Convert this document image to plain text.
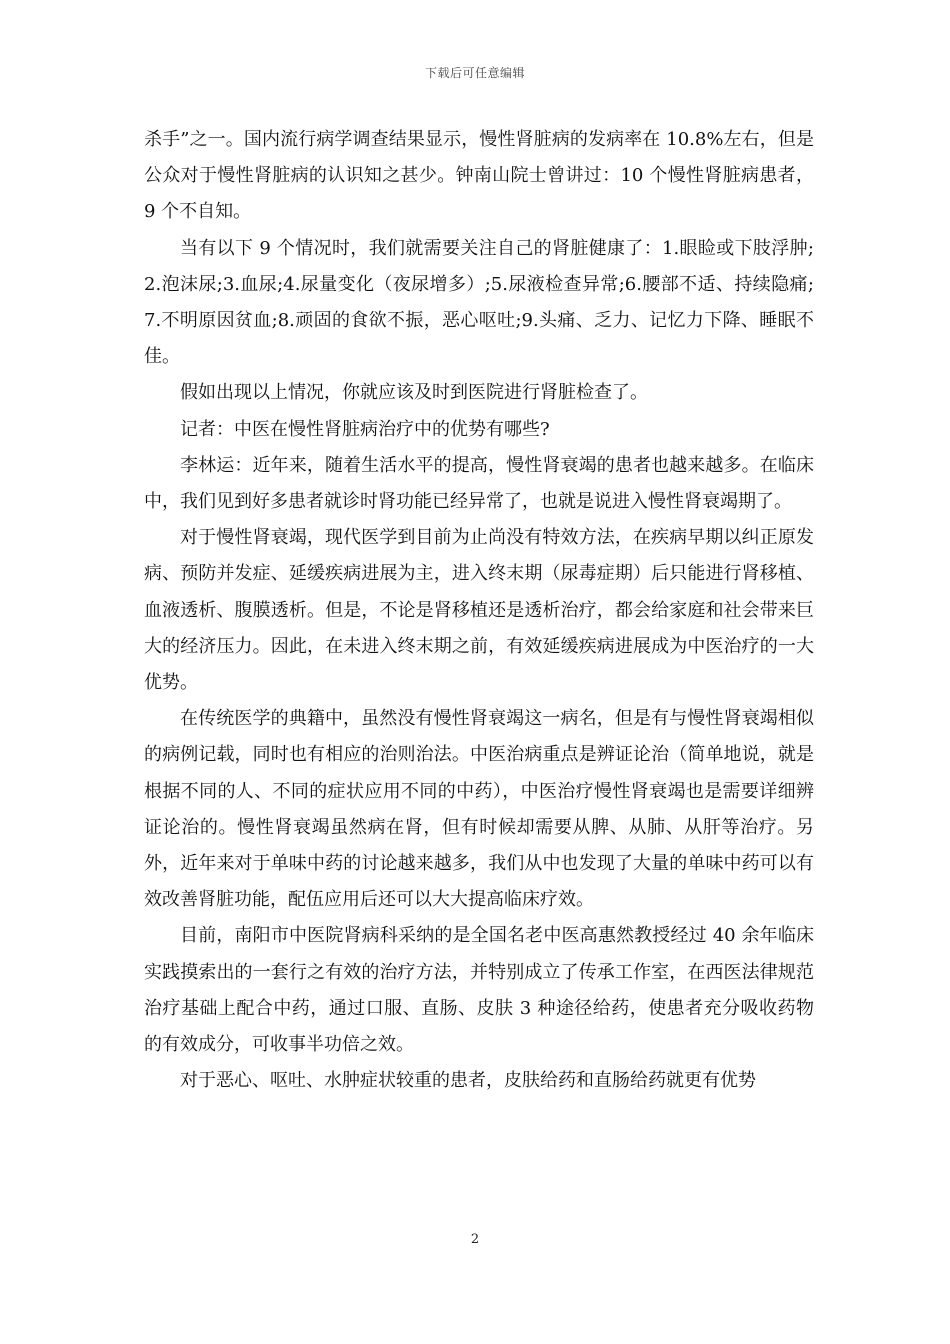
下载后可任意编辑

杀手”之一。国内流行病学调查结果显示，慢性肾脏病的发病率在 10.8%左右，但是公众对于慢性肾脏病的认识知之甚少。钟南山院士曾讲过：10 个慢性肾脏病患者，9 个不自知。

当有以下 9 个情况时，我们就需要关注自己的肾脏健康了：1.眼睑或下肢浮肿;2.泡沫尿;3.血尿;4.尿量变化（夜尿增多）;5.尿液检查异常;6.腰部不适、持续隐痛;7.不明原因贫血;8.顽固的食欲不振，恶心呕吐;9.头痛、乏力、记忆力下降、睡眠不佳。

假如出现以上情况，你就应该及时到医院进行肾脏检查了。

记者：中医在慢性肾脏病治疗中的优势有哪些?

李林运：近年来，随着生活水平的提高，慢性肾衰竭的患者也越来越多。在临床中，我们见到好多患者就诊时肾功能已经异常了，也就是说进入慢性肾衰竭期了。

对于慢性肾衰竭，现代医学到目前为止尚没有特效方法，在疾病早期以纠正原发病、预防并发症、延缓疾病进展为主，进入终末期（尿毒症期）后只能进行肾移植、血液透析、腹膜透析。但是，不论是肾移植还是透析治疗，都会给家庭和社会带来巨大的经济压力。因此，在未进入终末期之前，有效延缓疾病进展成为中医治疗的一大优势。

在传统医学的典籍中，虽然没有慢性肾衰竭这一病名，但是有与慢性肾衰竭相似的病例记载，同时也有相应的治则治法。中医治病重点是辨证论治（简单地说，就是根据不同的人、不同的症状应用不同的中药），中医治疗慢性肾衰竭也是需要详细辨证论治的。慢性肾衰竭虽然病在肾，但有时候却需要从脾、从肺、从肝等治疗。另外，近年来对于单味中药的讨论越来越多，我们从中也发现了大量的单味中药可以有效改善肾脏功能，配伍应用后还可以大大提高临床疗效。

目前，南阳市中医院肾病科采纳的是全国名老中医高惠然教授经过 40 余年临床实践摸索出的一套行之有效的治疗方法，并特别成立了传承工作室，在西医法律规范治疗基础上配合中药，通过口服、直肠、皮肤 3 种途径给药，使患者充分吸收药物的有效成分，可收事半功倍之效。

对于恶心、呕吐、水肿症状较重的患者，皮肤给药和直肠给药就更有优势

2
